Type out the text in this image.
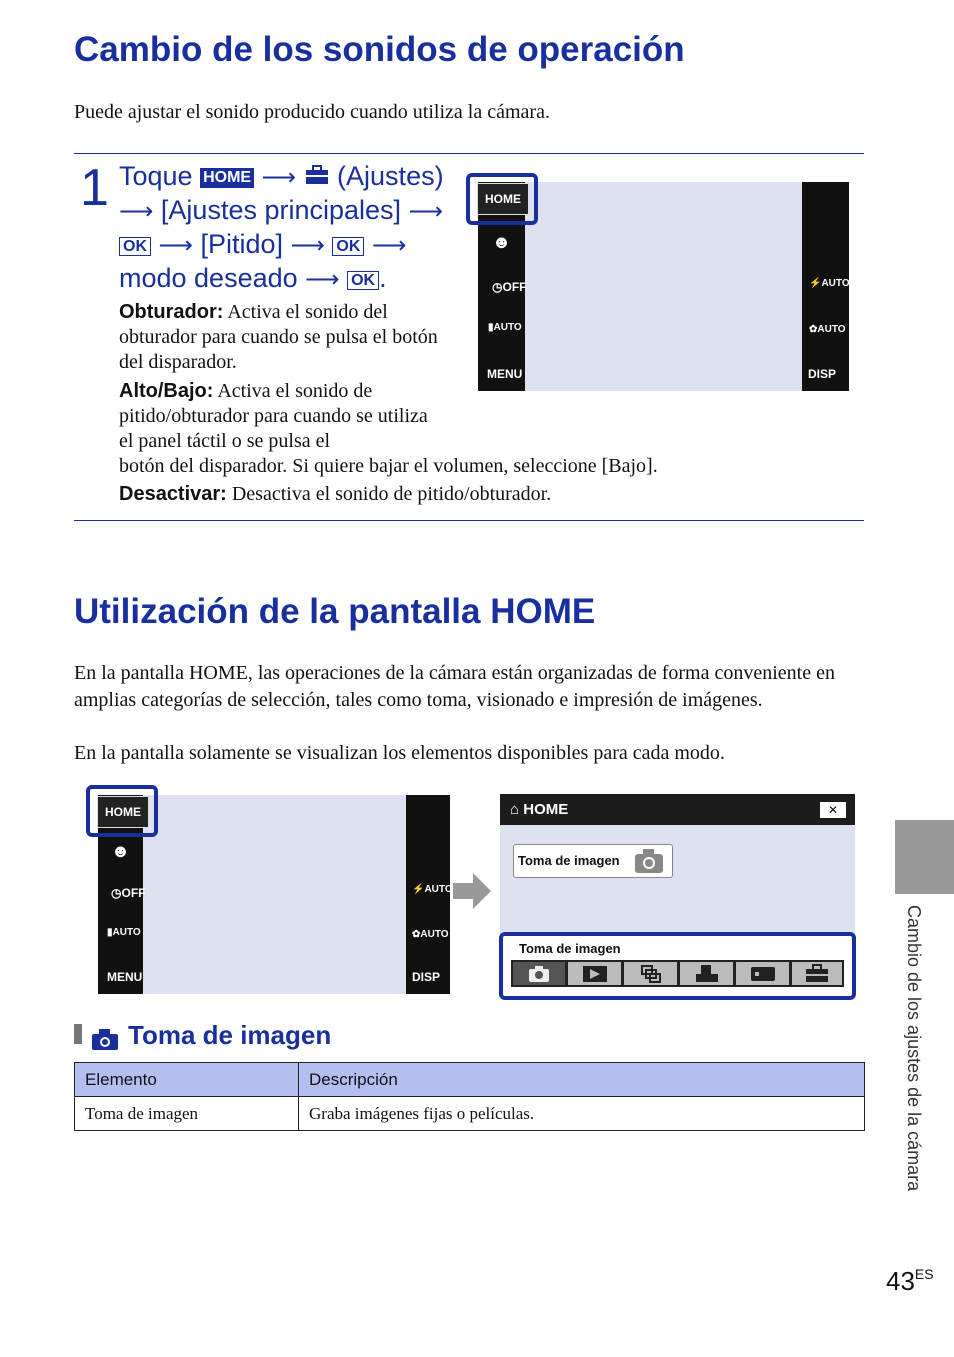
Cambio de los sonidos de operación
Puede ajustar el sonido producido cuando utiliza la cámara.
1 Toque HOME ⟶ (Ajustes)
⟶ [Ajustes principales] ⟶
OK ⟶ [Pitido] ⟶ OK ⟶
modo deseado ⟶ OK .
Obturador: Activa el sonido del obturador para cuando se pulsa el botón del disparador.
Alto/Bajo: Activa el sonido de pitido/obturador para cuando se utiliza el panel táctil o se pulsa el
botón del disparador. Si quiere bajar el volumen, seleccione [Bajo].
Desactivar: Desactiva el sonido de pitido/obturador.
☻
◷OFF
▮AUTO
MENU
⚡AUTO
✿AUTO
DISP
HOME
Utilización de la pantalla HOME
En la pantalla HOME, las operaciones de la cámara están organizadas de forma conveniente en amplias categorías de selección, tales como toma, visionado e impresión de imágenes.
En la pantalla solamente se visualizan los elementos disponibles para cada modo.
☻
◷OFF
▮AUTO
MENU
⚡AUTO
✿AUTO
DISP
HOME	⌂ HOME	✕
Toma de imagen
Toma de imagen
Toma de imagen
Elemento	Descripción
Toma de imagen	Graba imágenes fijas o películas.	Cambio de los ajustes de la cámara
$43^{ES}$
